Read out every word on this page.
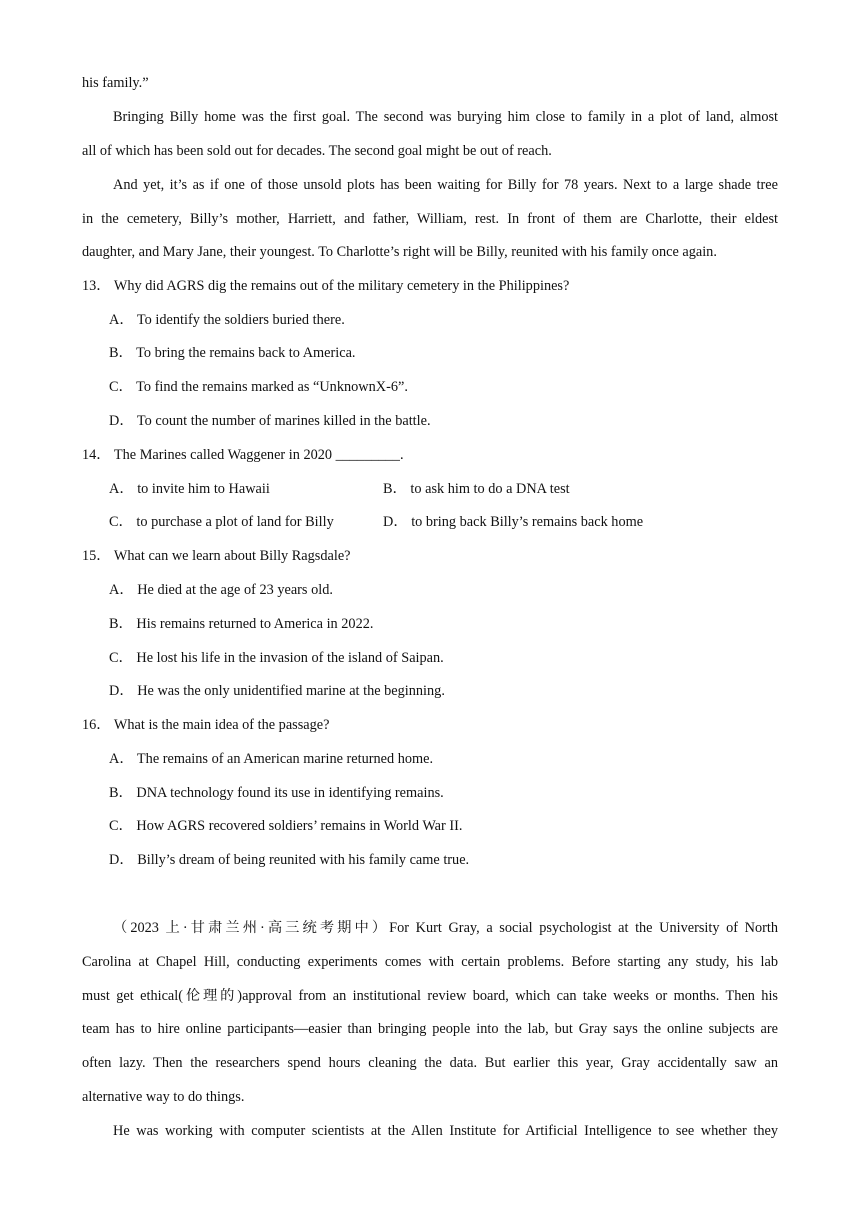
his family.”
Bringing Billy home was the first goal. The second was burying him close to family in a plot of land, almost
all of which has been sold out for decades. The second goal might be out of reach.
And yet, it’s as if one of those unsold plots has been waiting for Billy for 78 years. Next to a large shade tree
in the cemetery, Billy’s mother, Harriett, and father, William, rest. In front of them are Charlotte, their eldest
daughter, and Mary Jane, their youngest. To Charlotte’s right will be Billy, reunited with his family once again.
13． Why did AGRS dig the remains out of the military cemetery in the Philippines?
A． To identify the soldiers buried there.
B． To bring the remains back to America.
C． To find the remains marked as “UnknownX-6”.
D． To count the number of marines killed in the battle.
14． The Marines called Waggener in 2020 _________.
A． to invite him to Hawaii	B． to ask him to do a DNA test
C． to purchase a plot of land for Billy	D． to bring back Billy’s remains back home
15． What can we learn about Billy Ragsdale?
A． He died at the age of 23 years old.
B． His remains returned to America in 2022.
C． He lost his life in the invasion of the island of Saipan.
D． He was the only unidentified marine at the beginning.
16． What is the main idea of the passage?
A． The remains of an American marine returned home.
B． DNA technology found its use in identifying remains.
C． How AGRS recovered soldiers’ remains in World War II.
D． Billy’s dream of being reunited with his family came true.
（2023 上·甘肃兰州·高三统考期中）For Kurt Gray, a social psychologist at the University of North
Carolina at Chapel Hill, conducting experiments comes with certain problems. Before starting any study, his lab
must get ethical(伦理的)approval from an institutional review board, which can take weeks or months. Then his
team has to hire online participants—easier than bringing people into the lab, but Gray says the online subjects are
often lazy. Then the researchers spend hours cleaning the data. But earlier this year, Gray accidentally saw an
alternative way to do things.
He was working with computer scientists at the Allen Institute for Artificial Intelligence to see whether they
